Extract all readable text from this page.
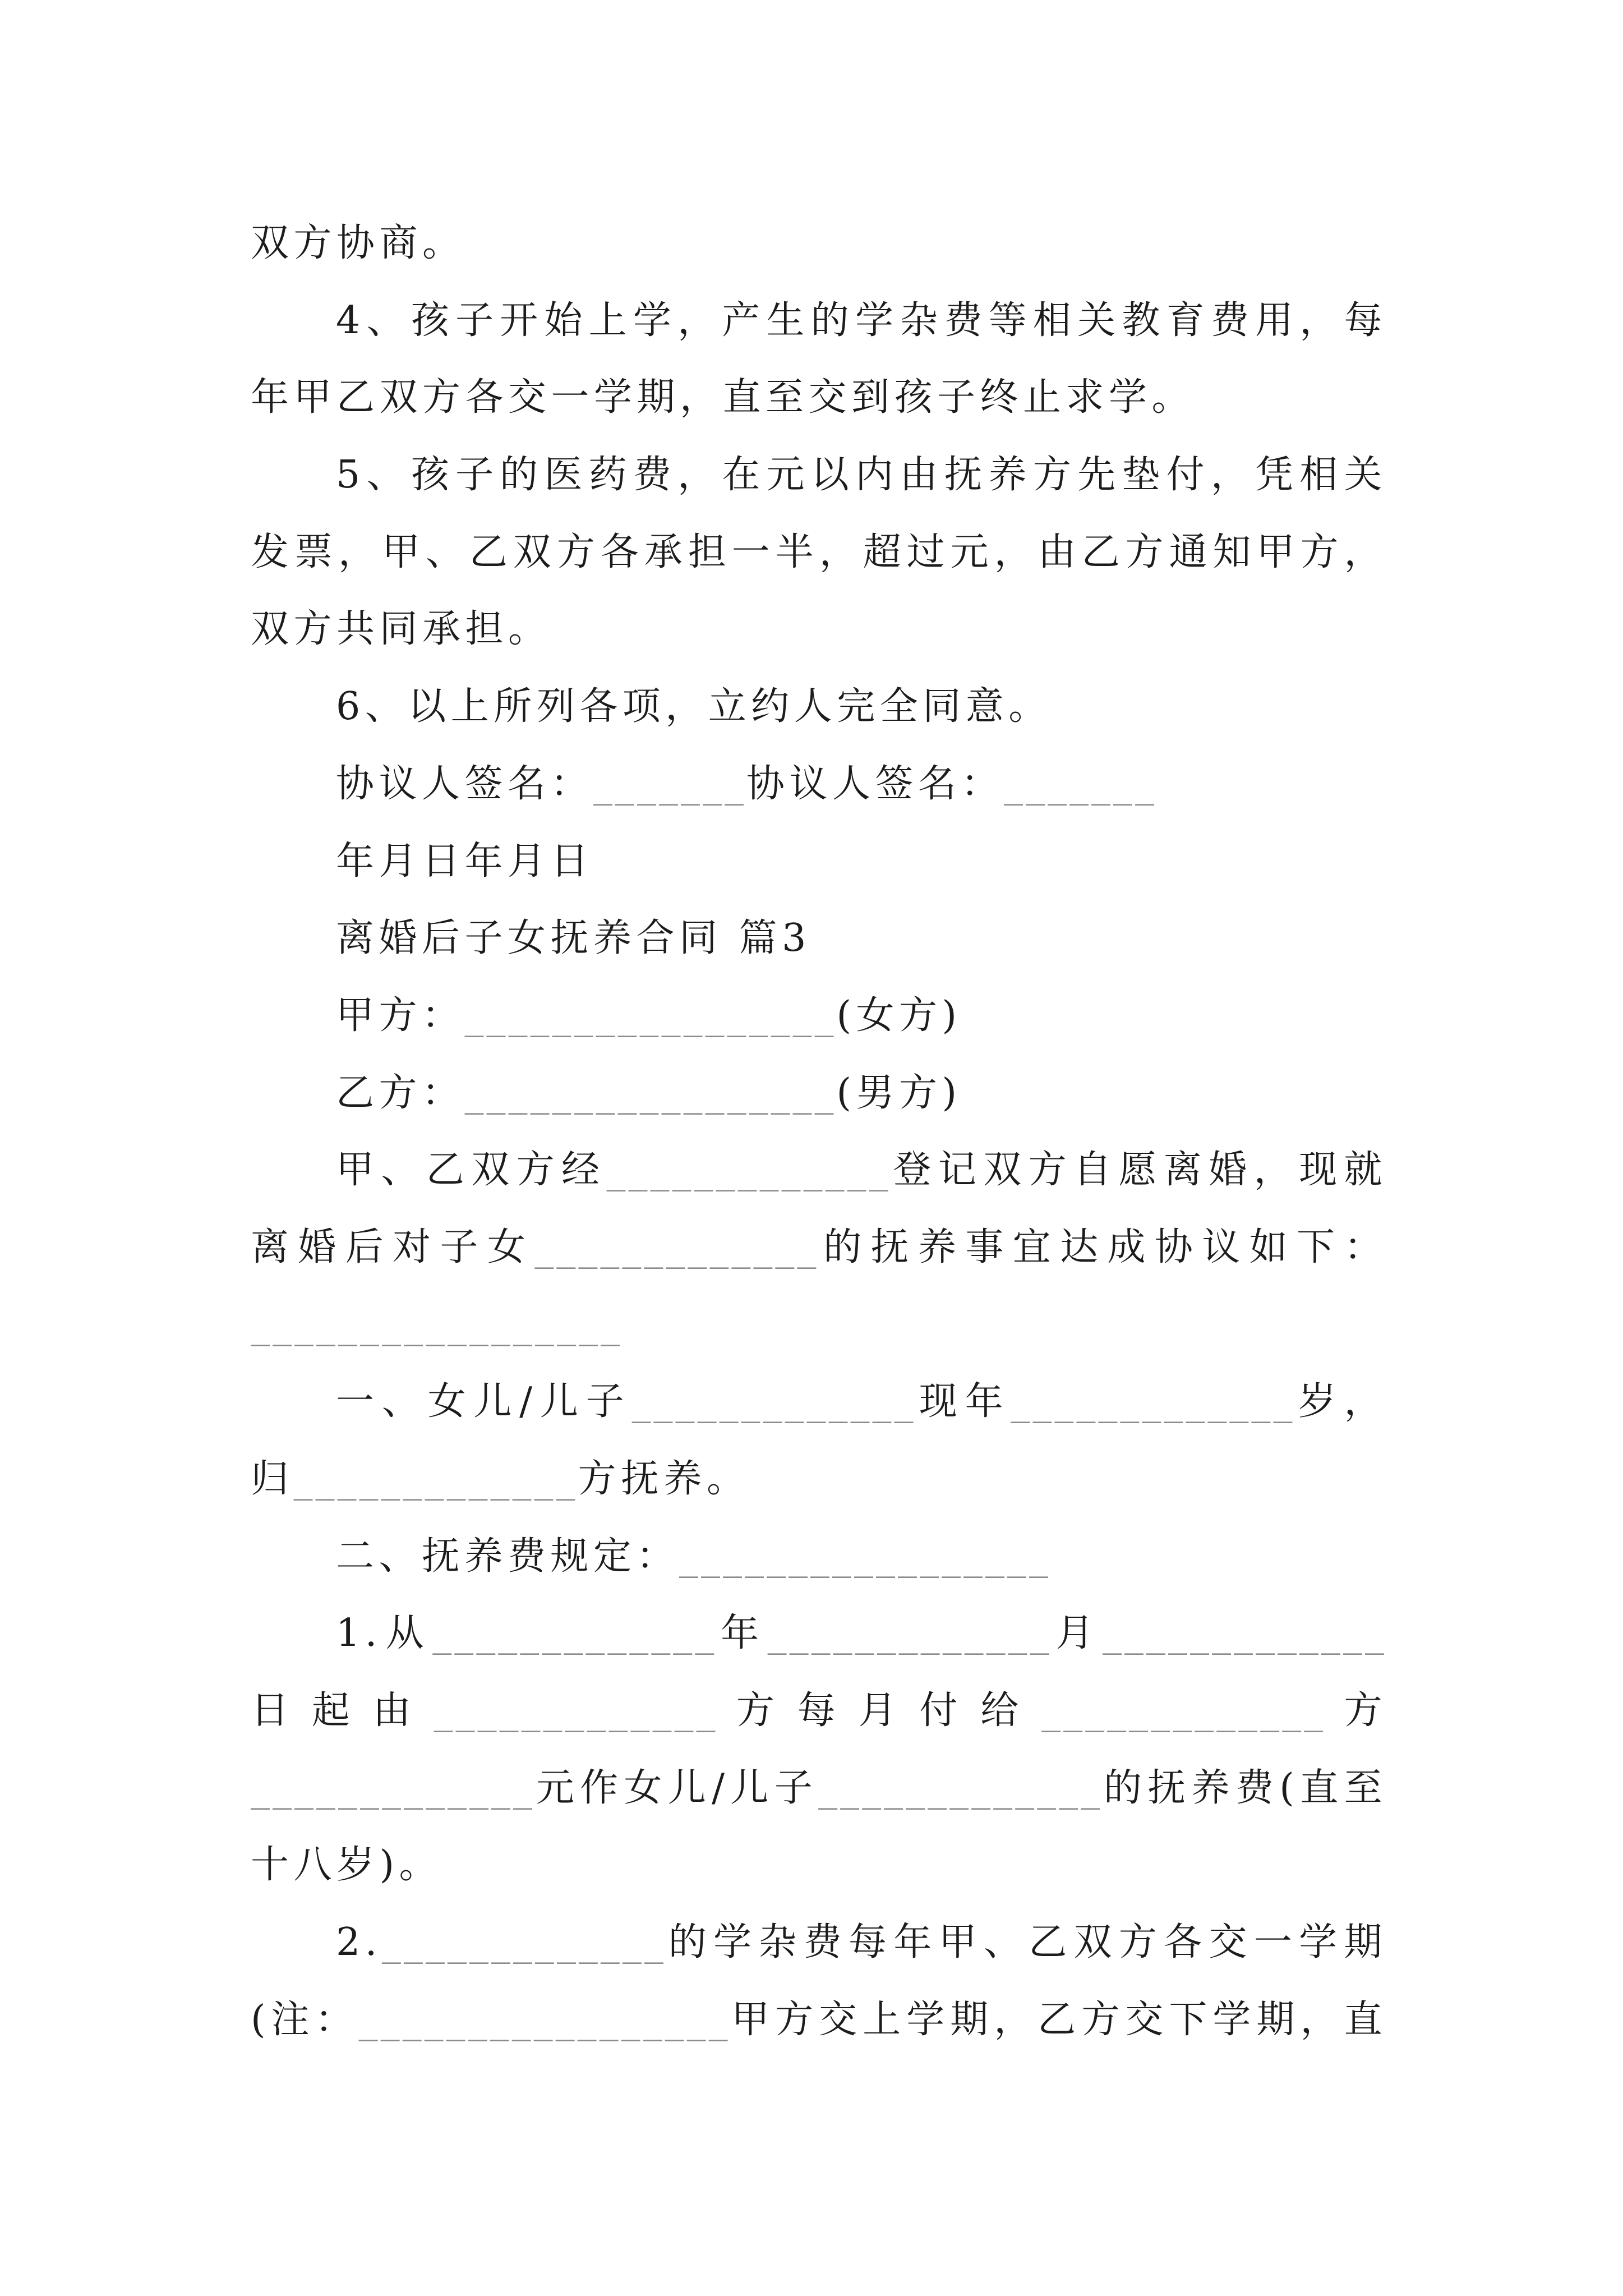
双方协商。
4、孩子开始上学，产生的学杂费等相关教育费用，每
年甲乙双方各交一学期，直至交到孩子终止求学。
5、孩子的医药费，在元以内由抚养方先垫付，凭相关
发票，甲、乙双方各承担一半，超过元，由乙方通知甲方，
双方共同承担。
6、以上所列各项，立约人完全同意。
协议人签名：_______协议人签名：_______
年月日年月日
离婚后子女抚养合同 篇3
甲方：_________________(女方)
乙方：_________________(男方)
甲、乙双方经_____________登记双方自愿离婚，现就
离婚后对子女_____________的抚养事宜达成协议如下：
_________________
一、女儿/儿子_____________现年_____________岁，
归_____________方抚养。
二、抚养费规定：_________________
1.从_____________年_____________月_____________
日起由_____________方每月付给_____________方
_____________元作女儿/儿子_____________的抚养费(直至
十八岁)。
2._____________的学杂费每年甲、乙双方各交一学期
(注：_________________甲方交上学期，乙方交下学期，直
